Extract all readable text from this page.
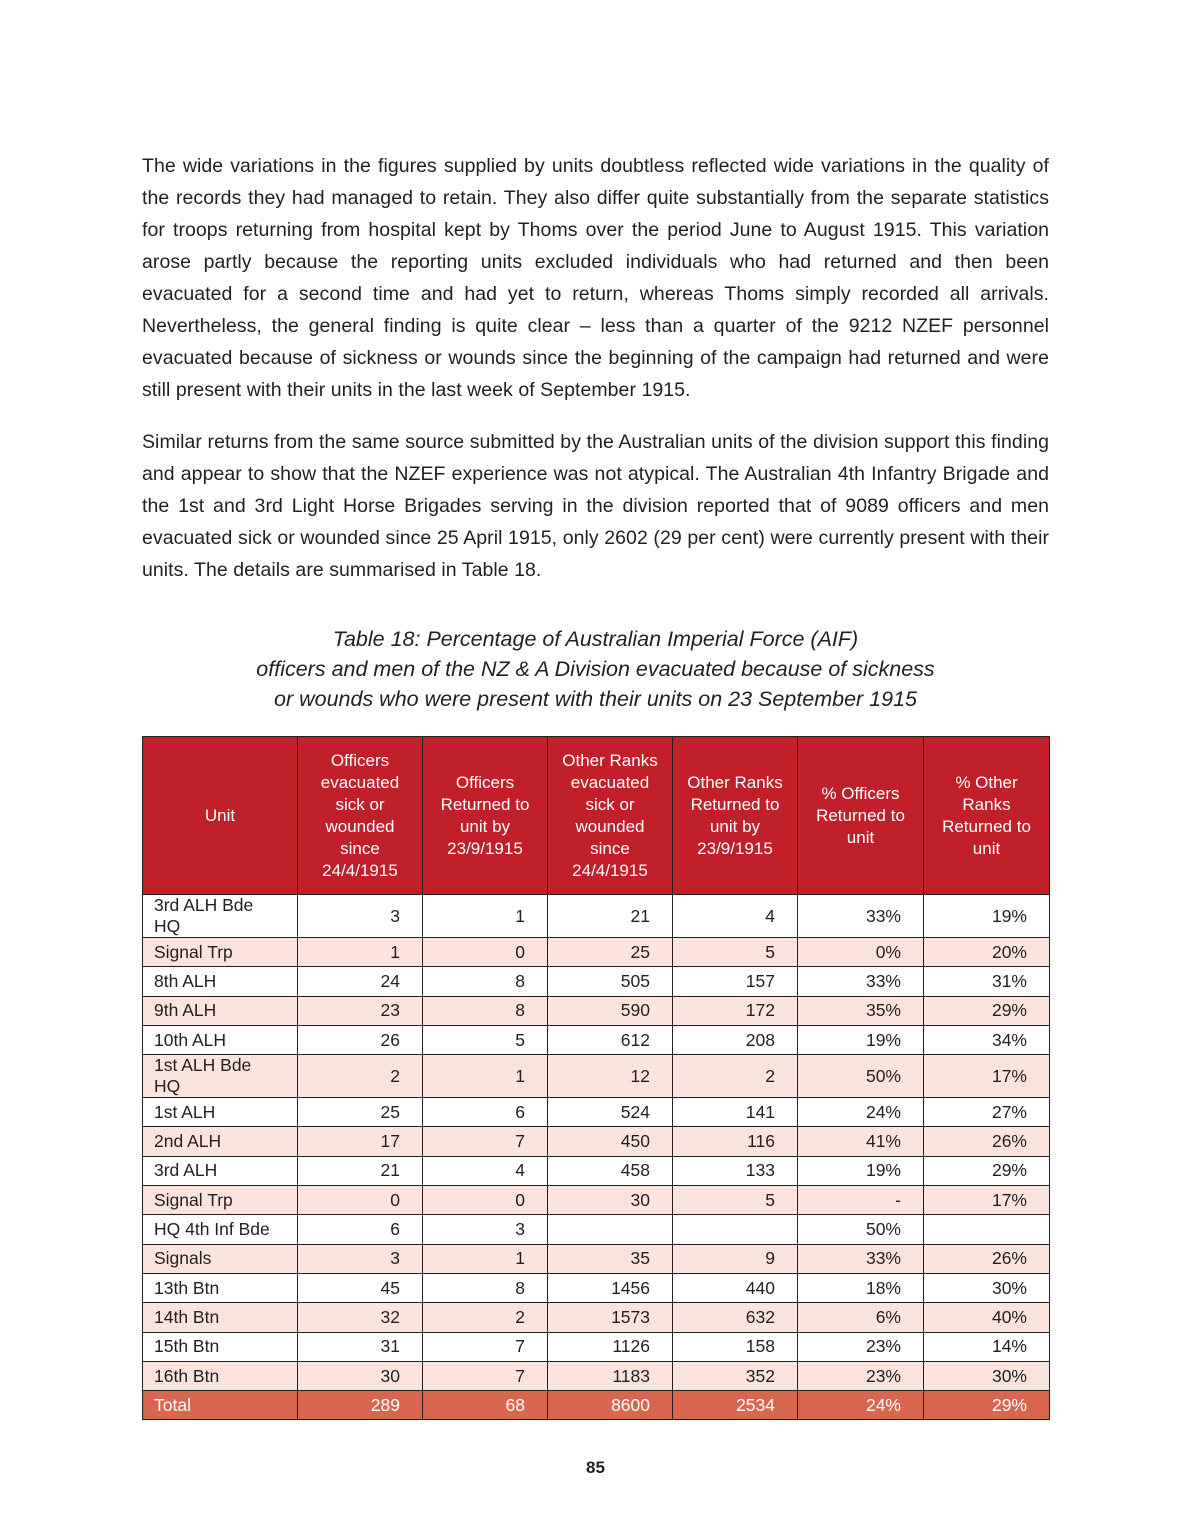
The wide variations in the figures supplied by units doubtless reflected wide variations in the quality of the records they had managed to retain. They also differ quite substantially from the separate statistics for troops returning from hospital kept by Thoms over the period June to August 1915. This variation arose partly because the reporting units excluded individuals who had returned and then been evacuated for a second time and had yet to return, whereas Thoms simply recorded all arrivals. Nevertheless, the general finding is quite clear – less than a quarter of the 9212 NZEF personnel evacuated because of sickness or wounds since the beginning of the campaign had returned and were still present with their units in the last week of September 1915.

Similar returns from the same source submitted by the Australian units of the division support this finding and appear to show that the NZEF experience was not atypical. The Australian 4th Infantry Brigade and the 1st and 3rd Light Horse Brigades serving in the division reported that of 9089 officers and men evacuated sick or wounded since 25 April 1915, only 2602 (29 per cent) were currently present with their units. The details are summarised in Table 18.

Table 18: Percentage of Australian Imperial Force (AIF)
officers and men of the NZ & A Division evacuated because of sickness
or wounds who were present with their units on 23 September 1915
Unit	Officers evacuated sick or wounded since 24/4/1915	Officers Returned to unit by 23/9/1915	Other Ranks evacuated sick or wounded since 24/4/1915	Other Ranks Returned to unit by 23/9/1915	% Officers Returned to unit	% Other Ranks Returned to unit
3rd ALH Bde HQ	3	1	21	4	33%	19%
Signal Trp	1	0	25	5	0%	20%
8th ALH	24	8	505	157	33%	31%
9th ALH	23	8	590	172	35%	29%
10th ALH	26	5	612	208	19%	34%
1st ALH Bde HQ	2	1	12	2	50%	17%
1st ALH	25	6	524	141	24%	27%
2nd ALH	17	7	450	116	41%	26%
3rd ALH	21	4	458	133	19%	29%
Signal Trp	0	0	30	5	-	17%
HQ 4th Inf Bde	6	3			50%	
Signals	3	1	35	9	33%	26%
13th Btn	45	8	1456	440	18%	30%
14th Btn	32	2	1573	632	6%	40%
15th Btn	31	7	1126	158	23%	14%
16th Btn	30	7	1183	352	23%	30%
Total	289	68	8600	2534	24%	29%
85
